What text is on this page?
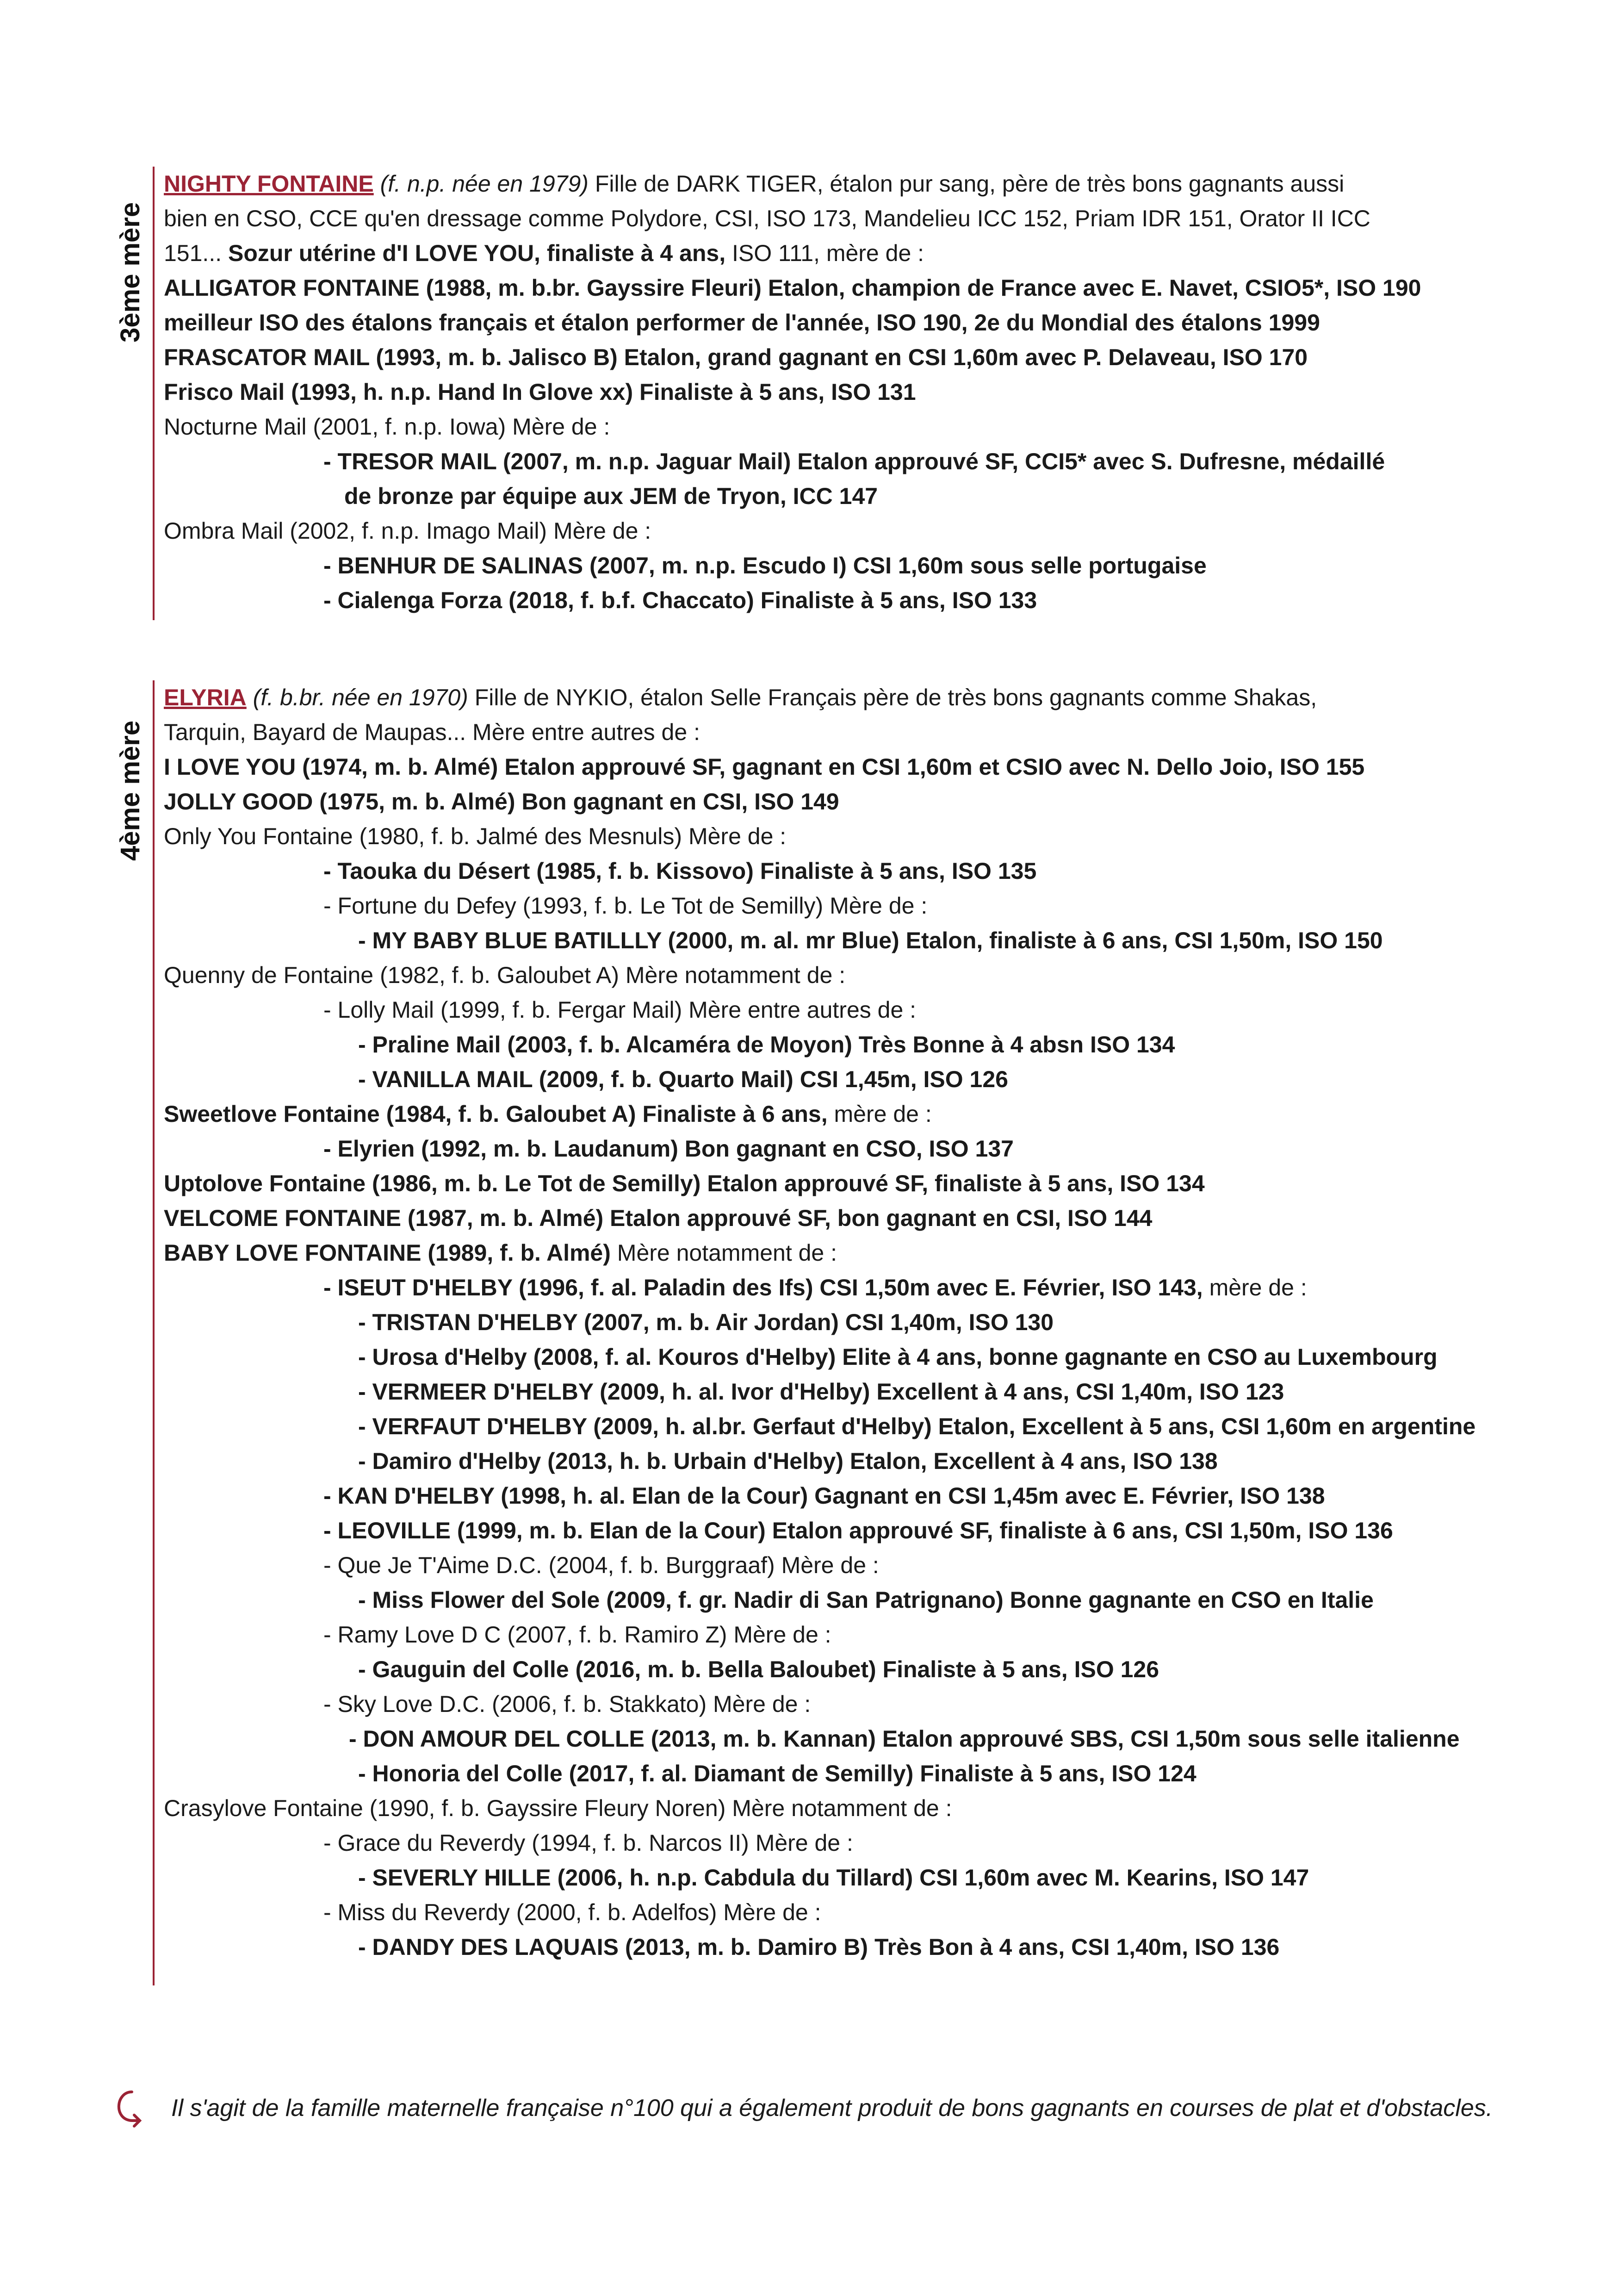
3ème mère
4ème mère
NIGHTY FONTAINE (f. n.p. née en 1979) Fille de DARK TIGER, étalon pur sang, père de très bons gagnants aussi
bien en CSO, CCE qu'en dressage comme Polydore, CSI, ISO 173, Mandelieu ICC 152, Priam IDR 151, Orator II ICC
151... Sozur utérine d'I LOVE YOU, finaliste à 4 ans, ISO 111, mère de :
ALLIGATOR FONTAINE (1988, m. b.br. Gayssire Fleuri) Etalon, champion de France avec E. Navet, CSIO5*, ISO 190
meilleur ISO des étalons français et étalon performer de l'année, ISO 190, 2e du Mondial des étalons 1999
FRASCATOR MAIL (1993, m. b. Jalisco B) Etalon, grand gagnant en CSI 1,60m avec P. Delaveau, ISO 170
Frisco Mail (1993, h. n.p. Hand In Glove xx) Finaliste à 5 ans, ISO 131
Nocturne Mail (2001, f. n.p. Iowa) Mère de :
- TRESOR MAIL (2007, m. n.p. Jaguar Mail) Etalon approuvé SF, CCI5* avec S. Dufresne, médaillé
de bronze par équipe aux JEM de Tryon, ICC 147
Ombra Mail (2002, f. n.p. Imago Mail) Mère de :
- BENHUR DE SALINAS (2007, m. n.p. Escudo I) CSI 1,60m sous selle portugaise
- Cialenga Forza (2018, f. b.f. Chaccato) Finaliste à 5 ans, ISO 133
ELYRIA (f. b.br. née en 1970) Fille de NYKIO, étalon Selle Français père de très bons gagnants comme Shakas,
Tarquin, Bayard de Maupas... Mère entre autres de :
I LOVE YOU (1974, m. b. Almé) Etalon approuvé SF, gagnant en CSI 1,60m et CSIO avec N. Dello Joio, ISO 155
JOLLY GOOD (1975, m. b. Almé) Bon gagnant en CSI, ISO 149
Only You Fontaine (1980, f. b. Jalmé des Mesnuls) Mère de :
- Taouka du Désert (1985, f. b. Kissovo) Finaliste à 5 ans, ISO 135
- Fortune du Defey (1993, f. b. Le Tot de Semilly) Mère de :
- MY BABY BLUE BATILLLY (2000, m. al. mr Blue) Etalon, finaliste à 6 ans, CSI 1,50m, ISO 150
Quenny de Fontaine (1982, f. b. Galoubet A) Mère notamment de :
- Lolly Mail (1999, f. b. Fergar Mail) Mère entre autres de :
- Praline Mail (2003, f. b. Alcaméra de Moyon) Très Bonne à 4 absn ISO 134
- VANILLA MAIL (2009, f. b. Quarto Mail) CSI 1,45m, ISO 126
Sweetlove Fontaine (1984, f. b. Galoubet A) Finaliste à 6 ans, mère de :
- Elyrien (1992, m. b. Laudanum) Bon gagnant en CSO, ISO 137
Uptolove Fontaine (1986, m. b. Le Tot de Semilly) Etalon approuvé SF, finaliste à 5 ans, ISO 134
VELCOME FONTAINE (1987, m. b. Almé) Etalon approuvé SF, bon gagnant en CSI, ISO 144
BABY LOVE FONTAINE (1989, f. b. Almé) Mère notamment de :
- ISEUT D'HELBY (1996, f. al. Paladin des Ifs) CSI 1,50m avec E. Février, ISO 143, mère de :
- TRISTAN D'HELBY (2007, m. b. Air Jordan) CSI 1,40m, ISO 130
- Urosa d'Helby (2008, f. al. Kouros d'Helby) Elite à 4 ans, bonne gagnante en CSO au Luxembourg
- VERMEER D'HELBY (2009, h. al. Ivor d'Helby) Excellent à 4 ans, CSI 1,40m, ISO 123
- VERFAUT D'HELBY (2009, h. al.br. Gerfaut d'Helby) Etalon, Excellent à 5 ans, CSI 1,60m en argentine
- Damiro d'Helby (2013, h. b. Urbain d'Helby) Etalon, Excellent à 4 ans, ISO 138
- KAN D'HELBY (1998, h. al. Elan de la Cour) Gagnant en CSI 1,45m avec E. Février, ISO 138
- LEOVILLE (1999, m. b. Elan de la Cour) Etalon approuvé SF, finaliste à 6 ans, CSI 1,50m, ISO 136
- Que Je T'Aime D.C. (2004, f. b. Burggraaf) Mère de :
- Miss Flower del Sole (2009, f. gr. Nadir di San Patrignano) Bonne gagnante en CSO en Italie
- Ramy Love D C (2007, f. b. Ramiro Z) Mère de :
- Gauguin del Colle (2016, m. b. Bella Baloubet) Finaliste à 5 ans, ISO 126
- Sky Love D.C. (2006, f. b. Stakkato) Mère de :
- DON AMOUR DEL COLLE (2013, m. b. Kannan) Etalon approuvé SBS, CSI 1,50m sous selle italienne
- Honoria del Colle (2017, f. al. Diamant de Semilly) Finaliste à 5 ans, ISO 124
Crasylove Fontaine (1990, f. b. Gayssire Fleury Noren) Mère notamment de :
- Grace du Reverdy (1994, f. b. Narcos II) Mère de :
- SEVERLY HILLE (2006, h. n.p. Cabdula du Tillard) CSI 1,60m avec M. Kearins, ISO 147
- Miss du Reverdy (2000, f. b. Adelfos) Mère de :
- DANDY DES LAQUAIS (2013, m. b. Damiro B) Très Bon à 4 ans, CSI 1,40m, ISO 136
Il s'agit de la famille maternelle française n°100 qui a également produit de bons gagnants en courses de plat et d'obstacles.
